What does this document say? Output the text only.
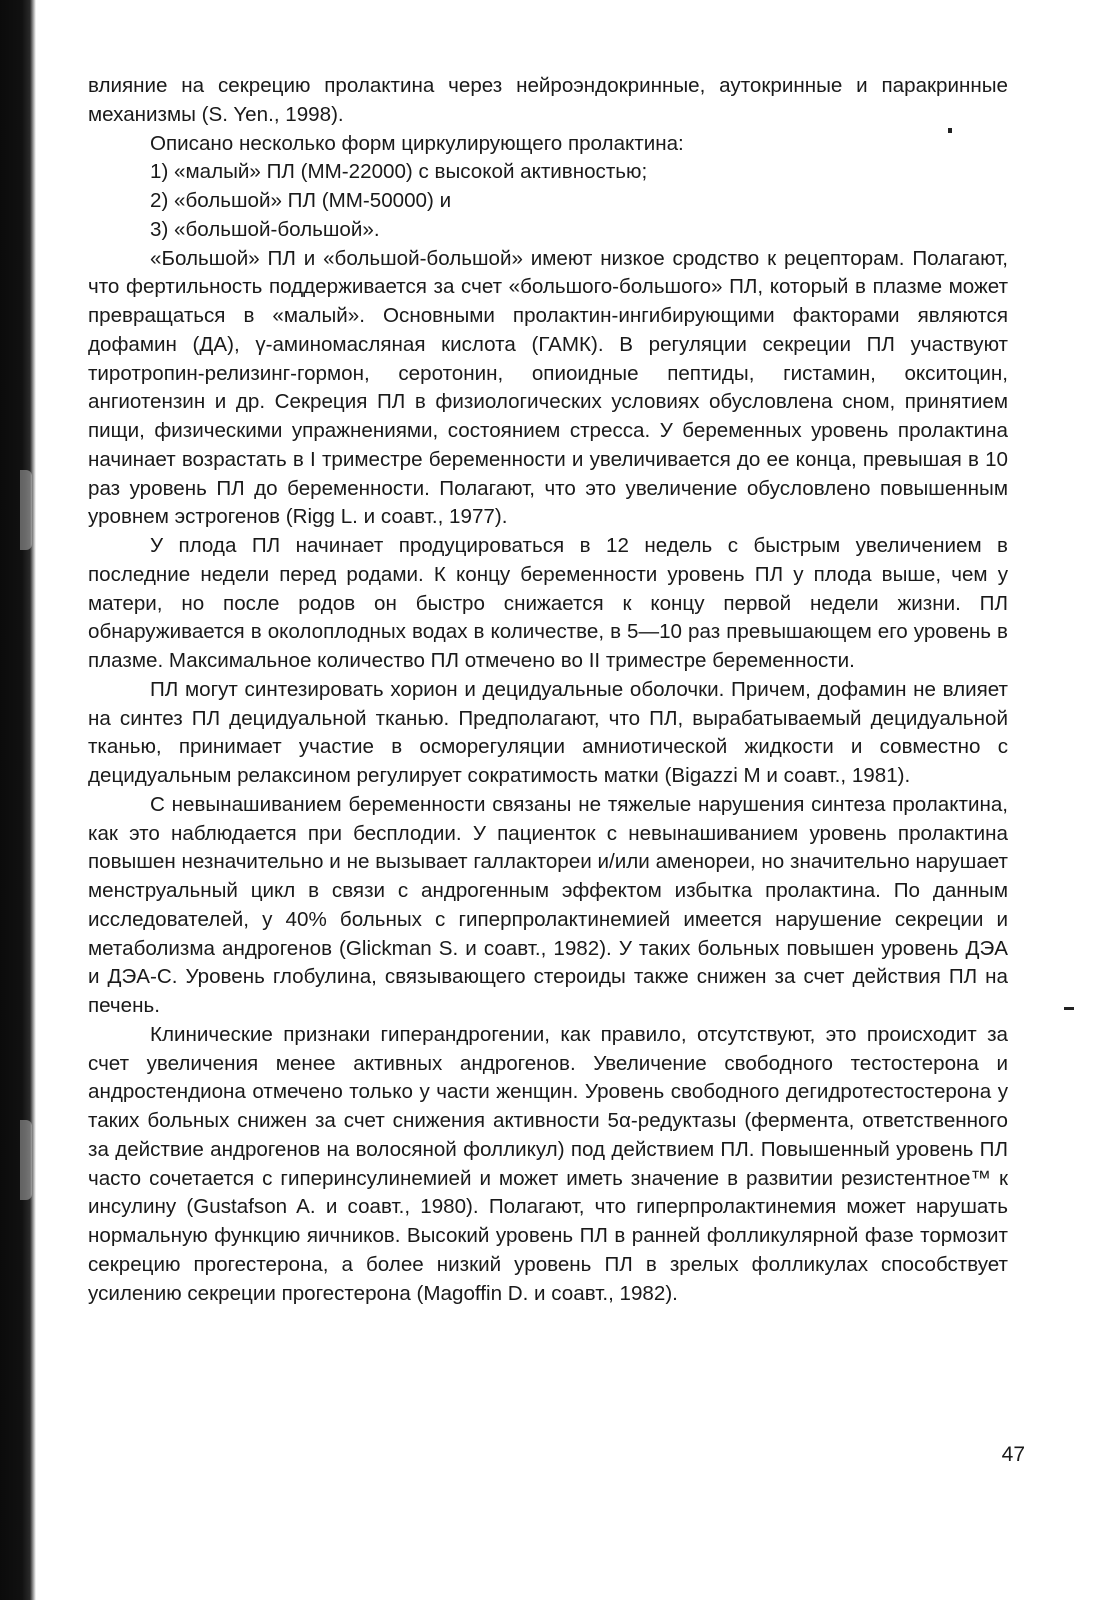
влияние на секрецию пролактина через нейроэндокринные, аутокринные и паракринные механизмы (S. Yen., 1998).

Описано несколько форм циркулирующего пролактина:

1) «малый» ПЛ (ММ-22000) с высокой активностью;

2) «большой» ПЛ (ММ-50000) и

3) «большой-большой».

«Большой» ПЛ и «большой-большой» имеют низкое сродство к рецепторам. Полагают, что фертильность поддерживается за счет «большого-большого» ПЛ, который в плазме может превращаться в «малый». Основными пролактин-ингибирующими факторами являются дофамин (ДА), γ-аминомасляная кислота (ГАМК). В регуляции секреции ПЛ участвуют тиротропин-релизинг-гормон, серотонин, опиоидные пептиды, гистамин, окситоцин, ангиотензин и др. Секреция ПЛ в физиологических условиях обусловлена сном, принятием пищи, физическими упражнениями, состоянием стресса. У беременных уровень пролактина начинает возрастать в I триместре беременности и увеличивается до ее конца, превышая в 10 раз уровень ПЛ до беременности. Полагают, что это увеличение обусловлено повышенным уровнем эстрогенов (Rigg L. и соавт., 1977).

У плода ПЛ начинает продуцироваться в 12 недель с быстрым увеличением в последние недели перед родами. К концу беременности уровень ПЛ у плода выше, чем у матери, но после родов он быстро снижается к концу первой недели жизни. ПЛ обнаруживается в околоплодных водах в количестве, в 5—10 раз превышающем его уровень в плазме. Максимальное количество ПЛ отмечено во II триместре беременности.

ПЛ могут синтезировать хорион и децидуальные оболочки. Причем, дофамин не влияет на синтез ПЛ децидуальной тканью. Предполагают, что ПЛ, вырабатываемый децидуальной тканью, принимает участие в осморегуляции амниотической жидкости и совместно с децидуальным релаксином регулирует сократимость матки (Bigazzi M и соавт., 1981).

С невынашиванием беременности связаны не тяжелые нарушения синтеза пролактина, как это наблюдается при бесплодии. У пациенток с невынашиванием уровень пролактина повышен незначительно и не вызывает галлактореи и/или аменореи, но значительно нарушает менструальный цикл в связи с андрогенным эффектом избытка пролактина. По данным исследователей, у 40% больных с гиперпролактинемией имеется нарушение секреции и метаболизма андрогенов (Glickman S. и соавт., 1982). У таких больных повышен уровень ДЭА и ДЭА-С. Уровень глобулина, связывающего стероиды также снижен за счет действия ПЛ на печень.

Клинические признаки гиперандрогении, как правило, отсутствуют, это происходит за счет увеличения менее активных андрогенов. Увеличение свободного тестостерона и андростендиона отмечено только у части женщин. Уровень свободного дегидротестостерона у таких больных снижен за счет снижения активности 5α-редуктазы (фермента, ответственного за действие андрогенов на волосяной фолликул) под действием ПЛ. Повышенный уровень ПЛ часто сочетается с гиперинсулинемией и может иметь значение в развитии резистентное™ к инсулину (Gustafson A. и соавт., 1980). Полагают, что гиперпролактинемия может нарушать нормальную функцию яичников. Высокий уровень ПЛ в ранней фолликулярной фазе тормозит секрецию прогестерона, а более низкий уровень ПЛ в зрелых фолликулах способствует усилению секреции прогестерона (Magoffin D. и соавт., 1982).

47
